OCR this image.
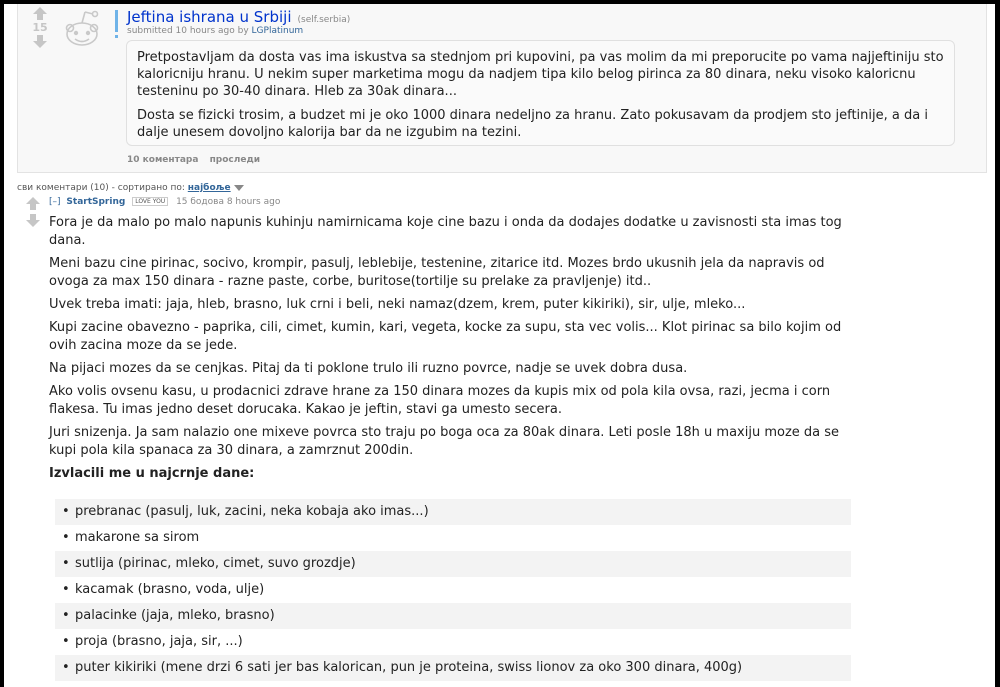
15
Jeftina ishrana u Srbiji (self.serbia)
submitted 10 hours ago by LGPlatinum

Pretpostavljam da dosta vas ima iskustva sa stednjom pri kupovini, pa vas molim da mi preporucite po vama najjeftiniju sto kaloricniju hranu. U nekim super marketima mogu da nadjem tipa kilo belog pirinca za 80 dinara, neku visoko kaloricnu testeninu po 30-40 dinara. Hleb za 30ak dinara...

Dosta se fizicki trosim, a budzet mi je oko 1000 dinara nedeljno za hranu. Zato pokusavam da prodjem sto jeftinije, a da i dalje unesem dovoljno kalorija bar da ne izgubim na tezini.

10 коментара проследи
сви коментари (10) - сортирано по: најбоље
[–] StartSpring LOVE YOU 15 бодова 8 hours ago

Fora je da malo po malo napunis kuhinju namirnicama koje cine bazu i onda da dodajes dodatke u zavisnosti sta imas tog dana.

Meni bazu cine pirinac, socivo, krompir, pasulj, leblebije, testenine, zitarice itd. Mozes brdo ukusnih jela da napravis od ovoga za max 150 dinara - razne paste, corbe, buritose(tortilje su prelake za pravljenje) itd..

Uvek treba imati: jaja, hleb, brasno, luk crni i beli, neki namaz(dzem, krem, puter kikiriki), sir, ulje, mleko...

Kupi zacine obavezno - paprika, cili, cimet, kumin, kari, vegeta, kocke za supu, sta vec volis... Klot pirinac sa bilo kojim od ovih zacina moze da se jede.

Na pijaci mozes da se cenjkas. Pitaj da ti poklone trulo ili ruzno povrce, nadje se uvek dobra dusa.

Ako volis ovsenu kasu, u prodacnici zdrave hrane za 150 dinara mozes da kupis mix od pola kila ovsa, razi, jecma i corn flakesa. Tu imas jedno deset dorucaka. Kakao je jeftin, stavi ga umesto secera.

Juri snizenja. Ja sam nalazio one mixeve povrca sto traju po boga oca za 80ak dinara. Leti posle 18h u maxiju moze da se kupi pola kila spanaca za 30 dinara, a zamrznut 200din.

Izvlacili me u najcrnje dane:

• prebranac (pasulj, luk, zacini, neka kobaja ako imas...)
• makarone sa sirom
• sutlija (pirinac, mleko, cimet, suvo grozdje)
• kacamak (brasno, voda, ulje)
• palacinke (jaja, mleko, brasno)
• proja (brasno, jaja, sir, ...)
• puter kikiriki (mene drzi 6 sati jer bas kalorican, pun je proteina, swiss lionov za oko 300 dinara, 400g)
